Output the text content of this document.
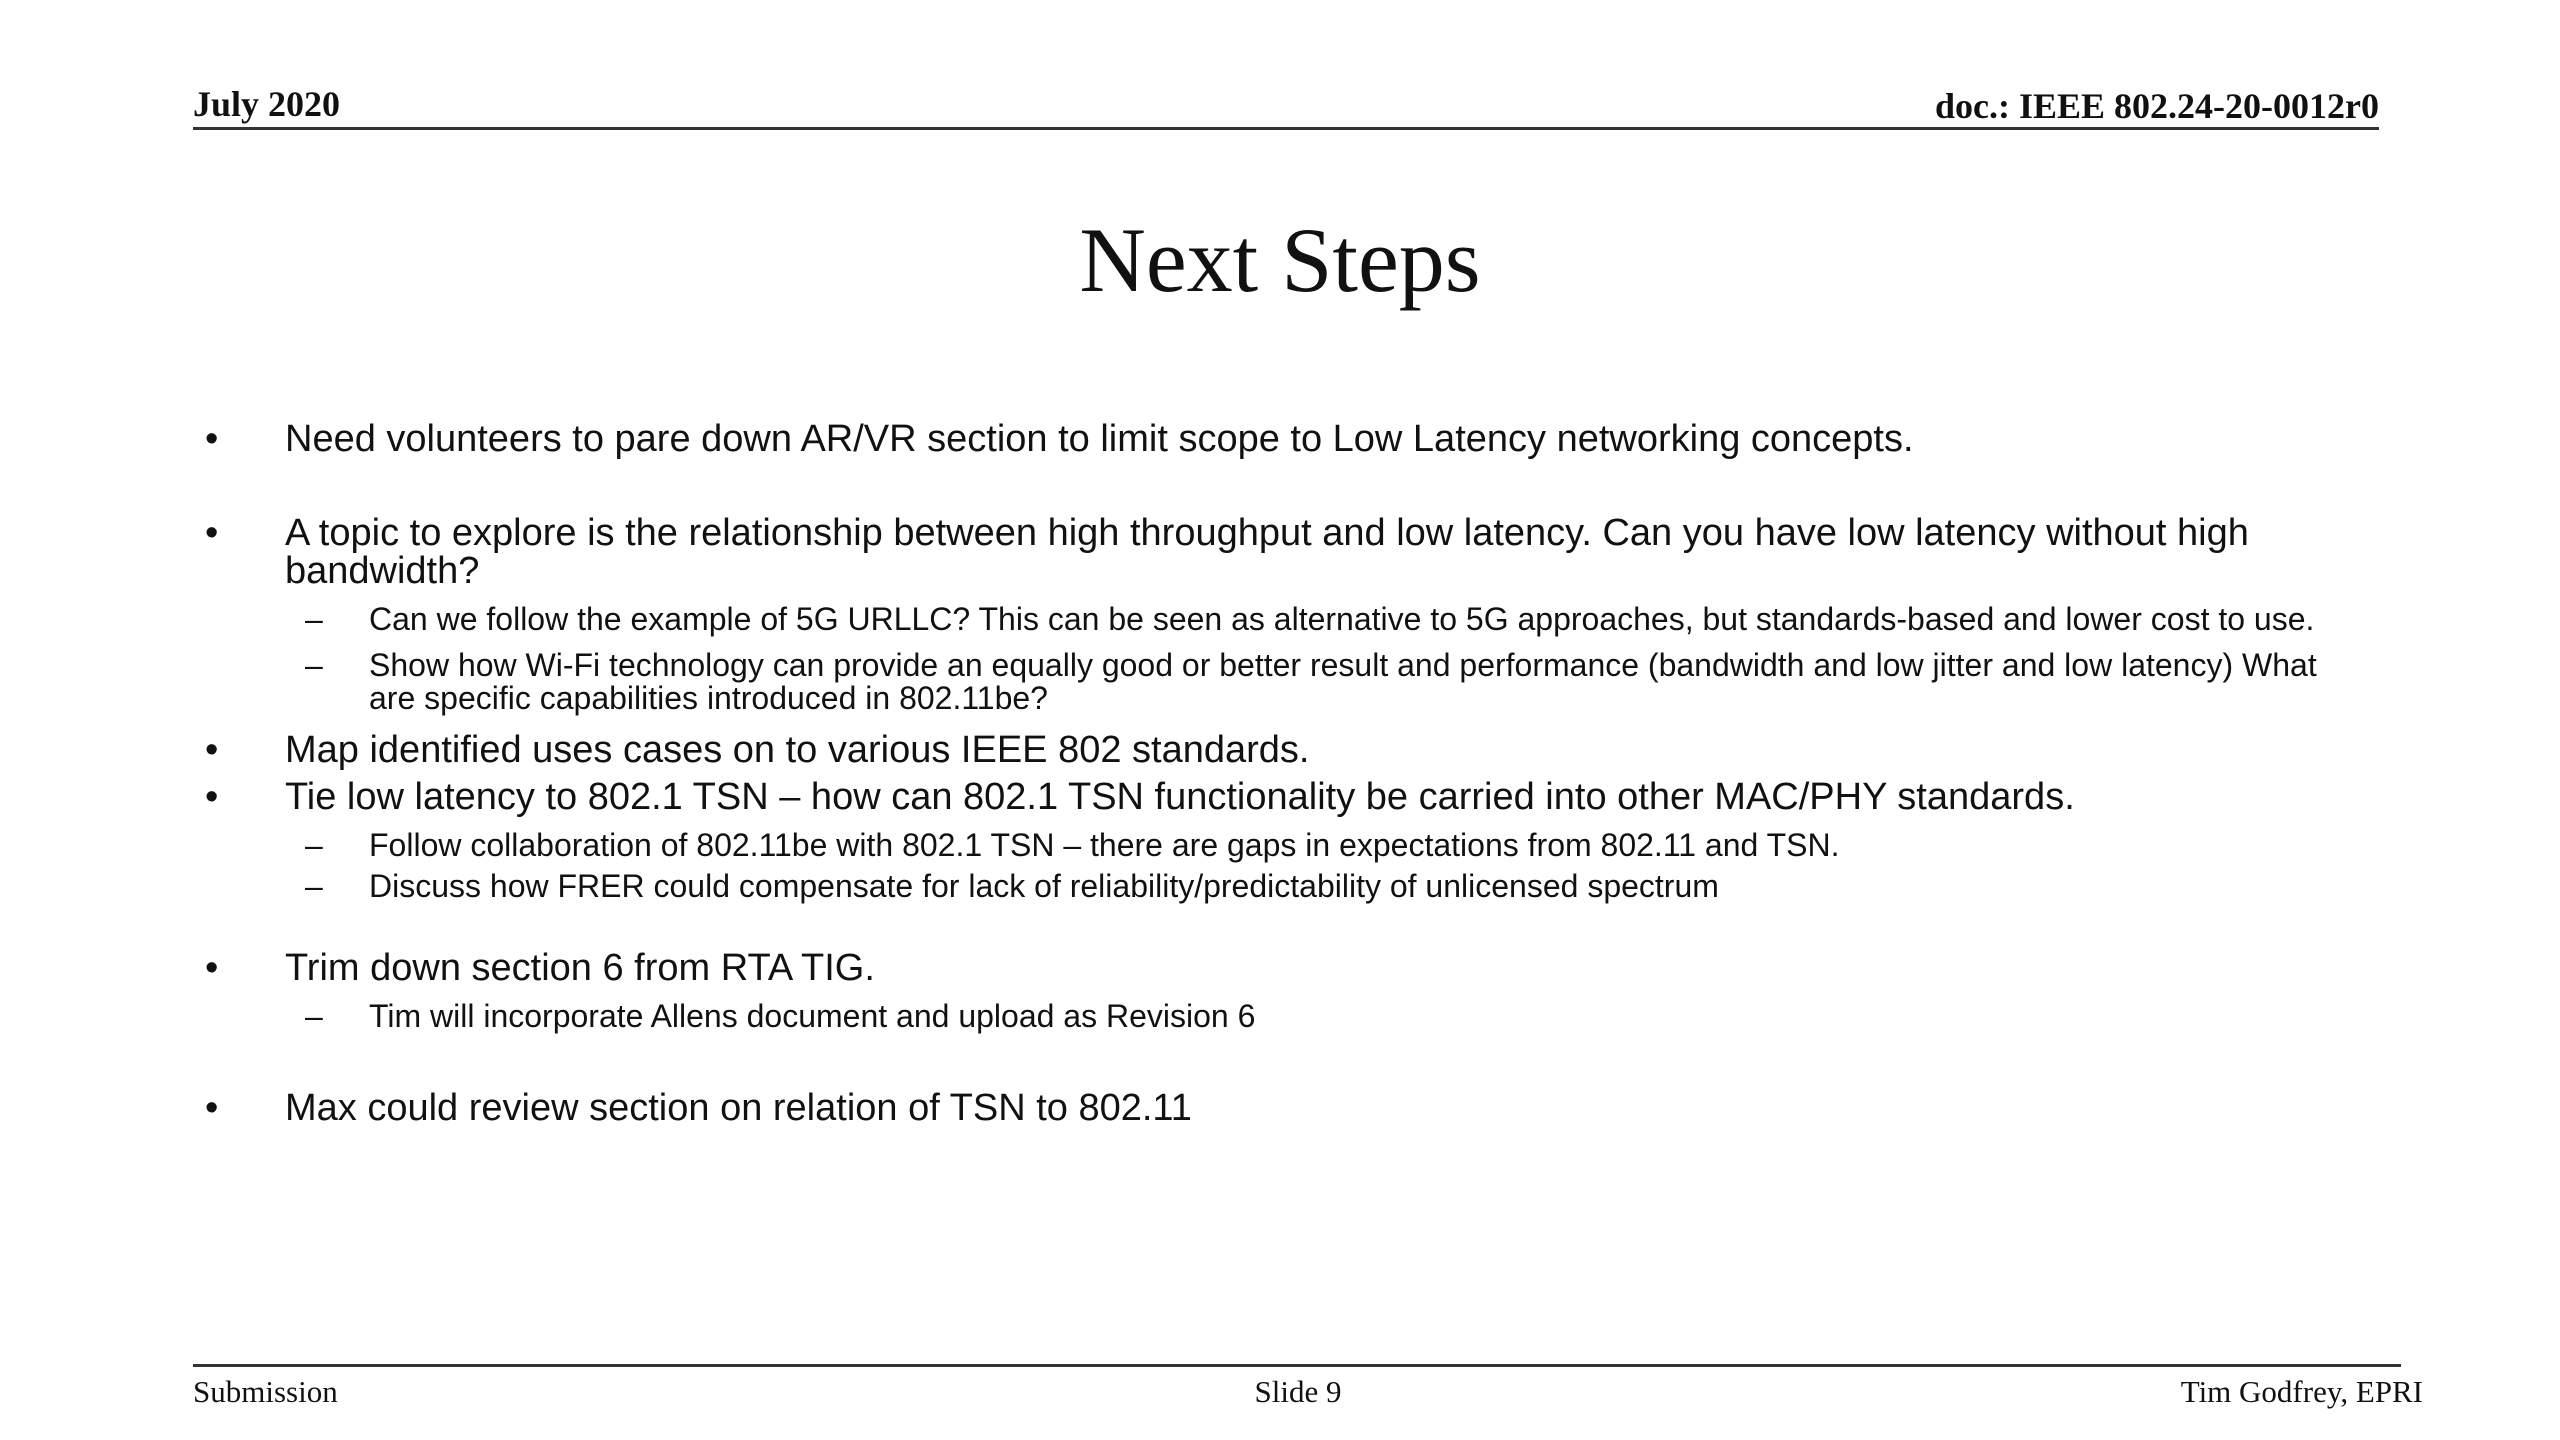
July 2020	doc.: IEEE 802.24-20-0012r0
Next Steps
•	Need volunteers to pare down AR/VR section to limit scope to Low Latency networking concepts.
•	A topic to explore is the relationship between high throughput and low latency. Can you have low latency without high bandwidth?
–	Can we follow the example of 5G URLLC? This can be seen as alternative to 5G approaches, but standards-based and lower cost to use.
–	Show how Wi-Fi technology can provide an equally good or better result and performance (bandwidth and low jitter and low latency) What are specific capabilities introduced in 802.11be?
•	Map identified uses cases on to various IEEE 802 standards.
•	Tie low latency to 802.1 TSN – how can 802.1 TSN functionality be carried into other MAC/PHY standards.
–	Follow collaboration of 802.11be with 802.1 TSN – there are gaps in expectations from 802.11 and TSN.
–	Discuss how FRER could compensate for lack of reliability/predictability of unlicensed spectrum
•	Trim down section 6 from RTA TIG.
–	Tim will incorporate Allens document and upload as Revision 6
•	Max could review section on relation of TSN to 802.11
Submission	Slide 9	Tim Godfrey, EPRI
